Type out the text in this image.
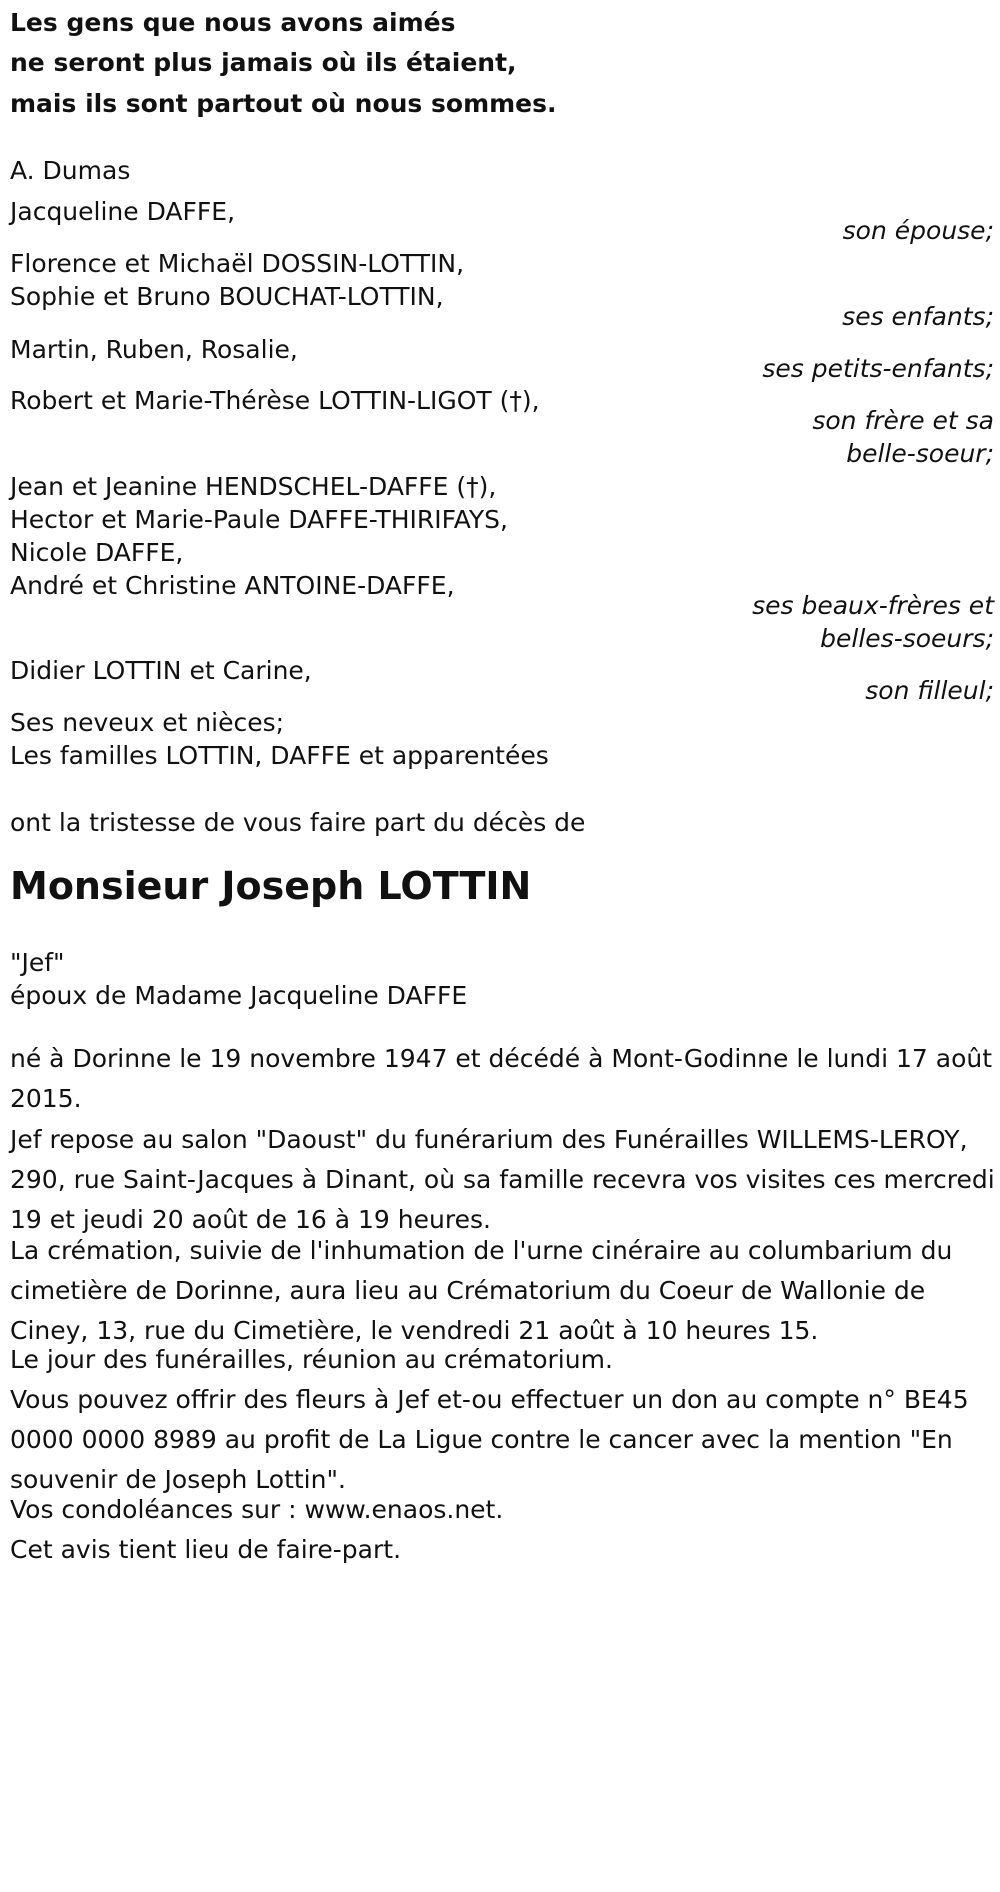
Les gens que nous avons aimés
ne seront plus jamais où ils étaient,
mais ils sont partout où nous sommes.
A. Dumas
Jacqueline DAFFE,
son épouse;
Florence et Michaël DOSSIN-LOTTIN,
Sophie et Bruno BOUCHAT-LOTTIN,
ses enfants;
Martin, Ruben, Rosalie,
ses petits-enfants;
Robert et Marie-Thérèse LOTTIN-LIGOT (†),
son frère et sa
belle-soeur;
Jean et Jeanine HENDSCHEL-DAFFE (†),
Hector et Marie-Paule DAFFE-THIRIFAYS,
Nicole DAFFE,
André et Christine ANTOINE-DAFFE,
ses beaux-frères et
belles-soeurs;
Didier LOTTIN et Carine,
son filleul;
Ses neveux et nièces;
Les familles LOTTIN, DAFFE et apparentées
ont la tristesse de vous faire part du décès de
Monsieur Joseph LOTTIN
"Jef"
époux de Madame Jacqueline DAFFE
né à Dorinne le 19 novembre 1947 et décédé à Mont-Godinne le lundi 17 août 2015.
Jef repose au salon "Daoust" du funérarium des Funérailles WILLEMS-LEROY, 290, rue Saint-Jacques à Dinant, où sa famille recevra vos visites ces mercredi 19 et jeudi 20 août de 16 à 19 heures.
La crémation, suivie de l'inhumation de l'urne cinéraire au columbarium du cimetière de Dorinne, aura lieu au Crématorium du Coeur de Wallonie de Ciney, 13, rue du Cimetière, le vendredi 21 août à 10 heures 15.
Le jour des funérailles, réunion au crématorium.
Vous pouvez offrir des fleurs à Jef et-ou effectuer un don au compte n° BE45 0000 0000 8989 au profit de La Ligue contre le cancer avec la mention "En souvenir de Joseph Lottin".
Vos condoléances sur : www.enaos.net.
Cet avis tient lieu de faire-part.
